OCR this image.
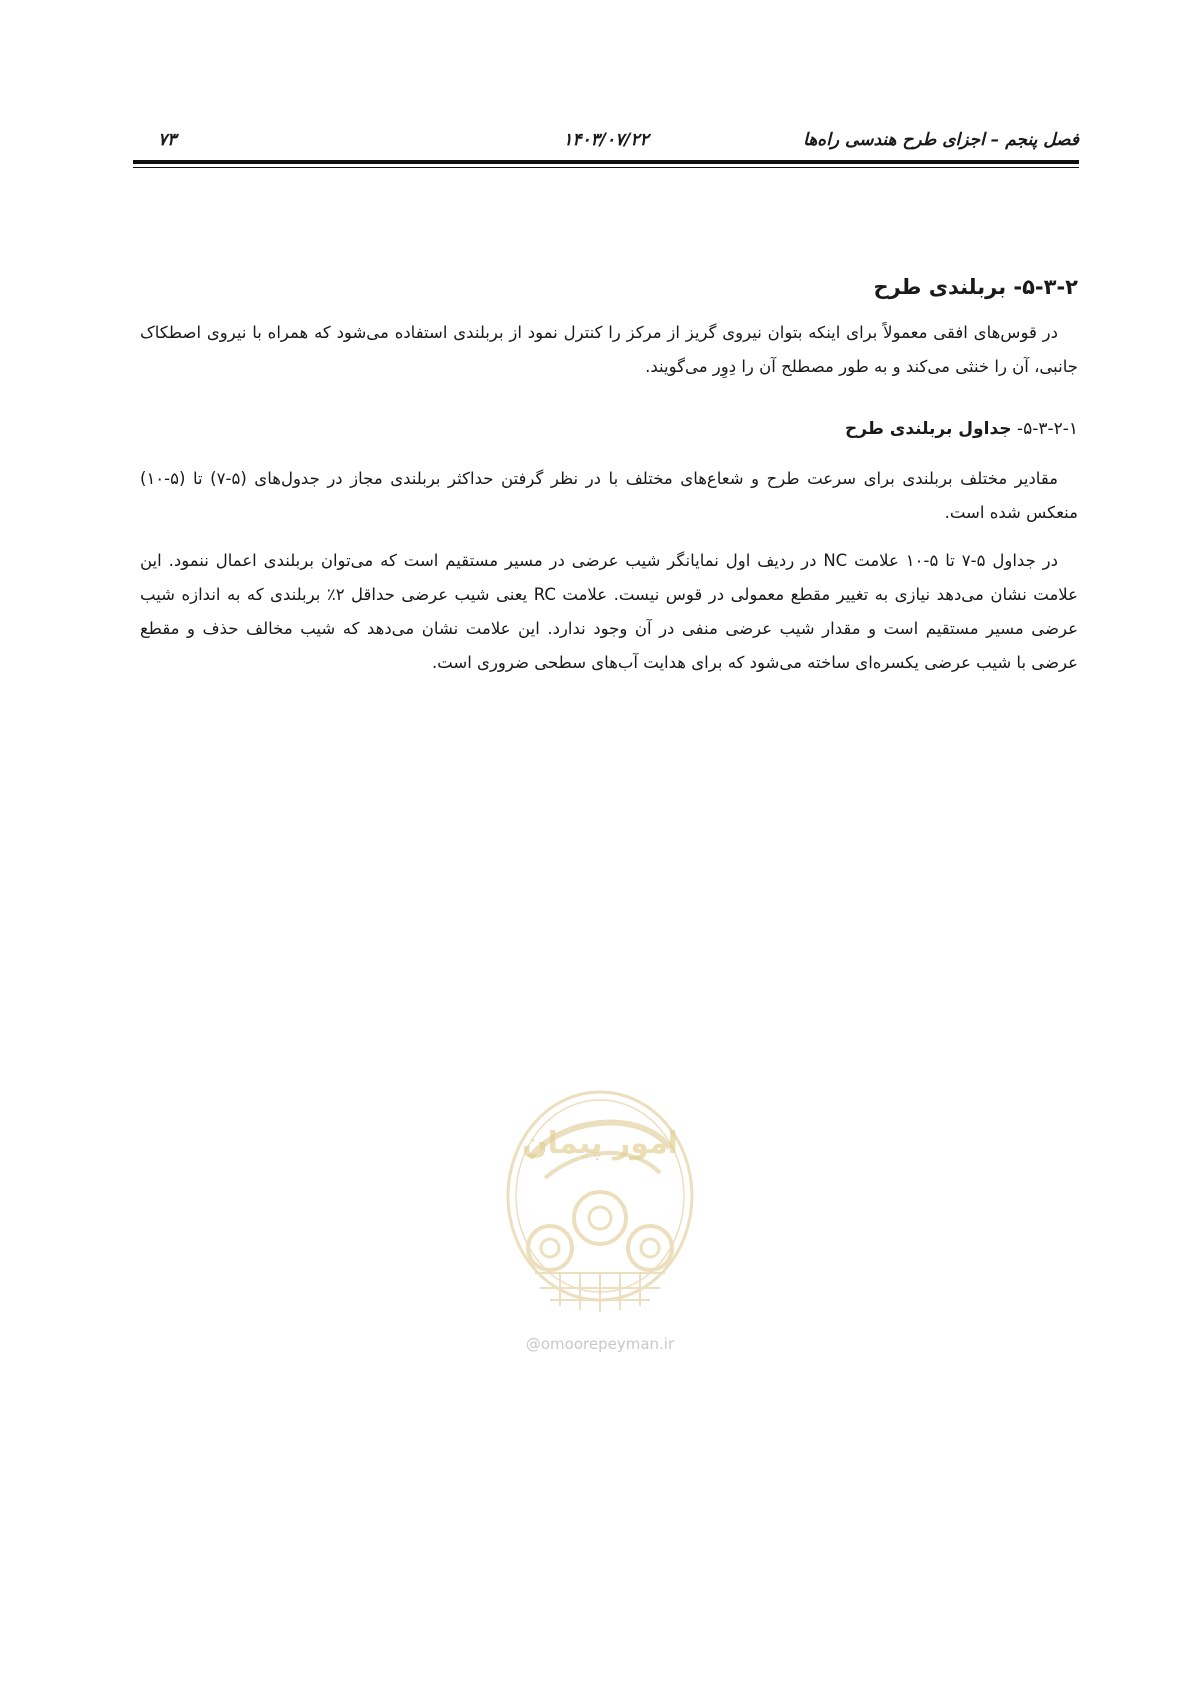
فصل پنجم – اجزای طرح هندسی راه‌ها
۱۴۰۳/۰۷/۲۲
۷۳
۵-۳-۲- بربلندی طرح

در قوس‌های افقی معمولاً برای اینکه بتوان نیروی گریز از مرکز را کنترل نمود از بربلندی استفاده می‌شود که همراه با نیروی اصطکاک جانبی، آن را خنثی می‌کند و به طور مصطلح آن را دِوِر می‌گویند.

۵-۳-۲-۱- جداول بربلندی طرح

مقادیر مختلف بربلندی برای سرعت طرح و شعاع‌های مختلف با در نظر گرفتن حداکثر بربلندی مجاز در جدول‌های (۵-۷) تا (۵-۱۰) منعکس شده است.

در جداول ۵-۷ تا ۵-۱۰ علامت NC در ردیف اول نمایانگر شیب عرضی در مسیر مستقیم است که می‌توان بربلندی اعمال ننمود. این علامت نشان می‌دهد نیازی به تغییر مقطع معمولی در قوس نیست. علامت RC یعنی شیب عرضی حداقل ۲٪ بربلندی که به اندازه شیب عرضی مسیر مستقیم است و مقدار شیب عرضی منفی در آن وجود ندارد. این علامت نشان می‌دهد که شیب مخالف حذف و مقطع عرضی با شیب عرضی یکسره‌ای ساخته می‌شود که برای هدایت آب‌های سطحی ضروری است.

امور پیمان
@omoorepeyman.ir
